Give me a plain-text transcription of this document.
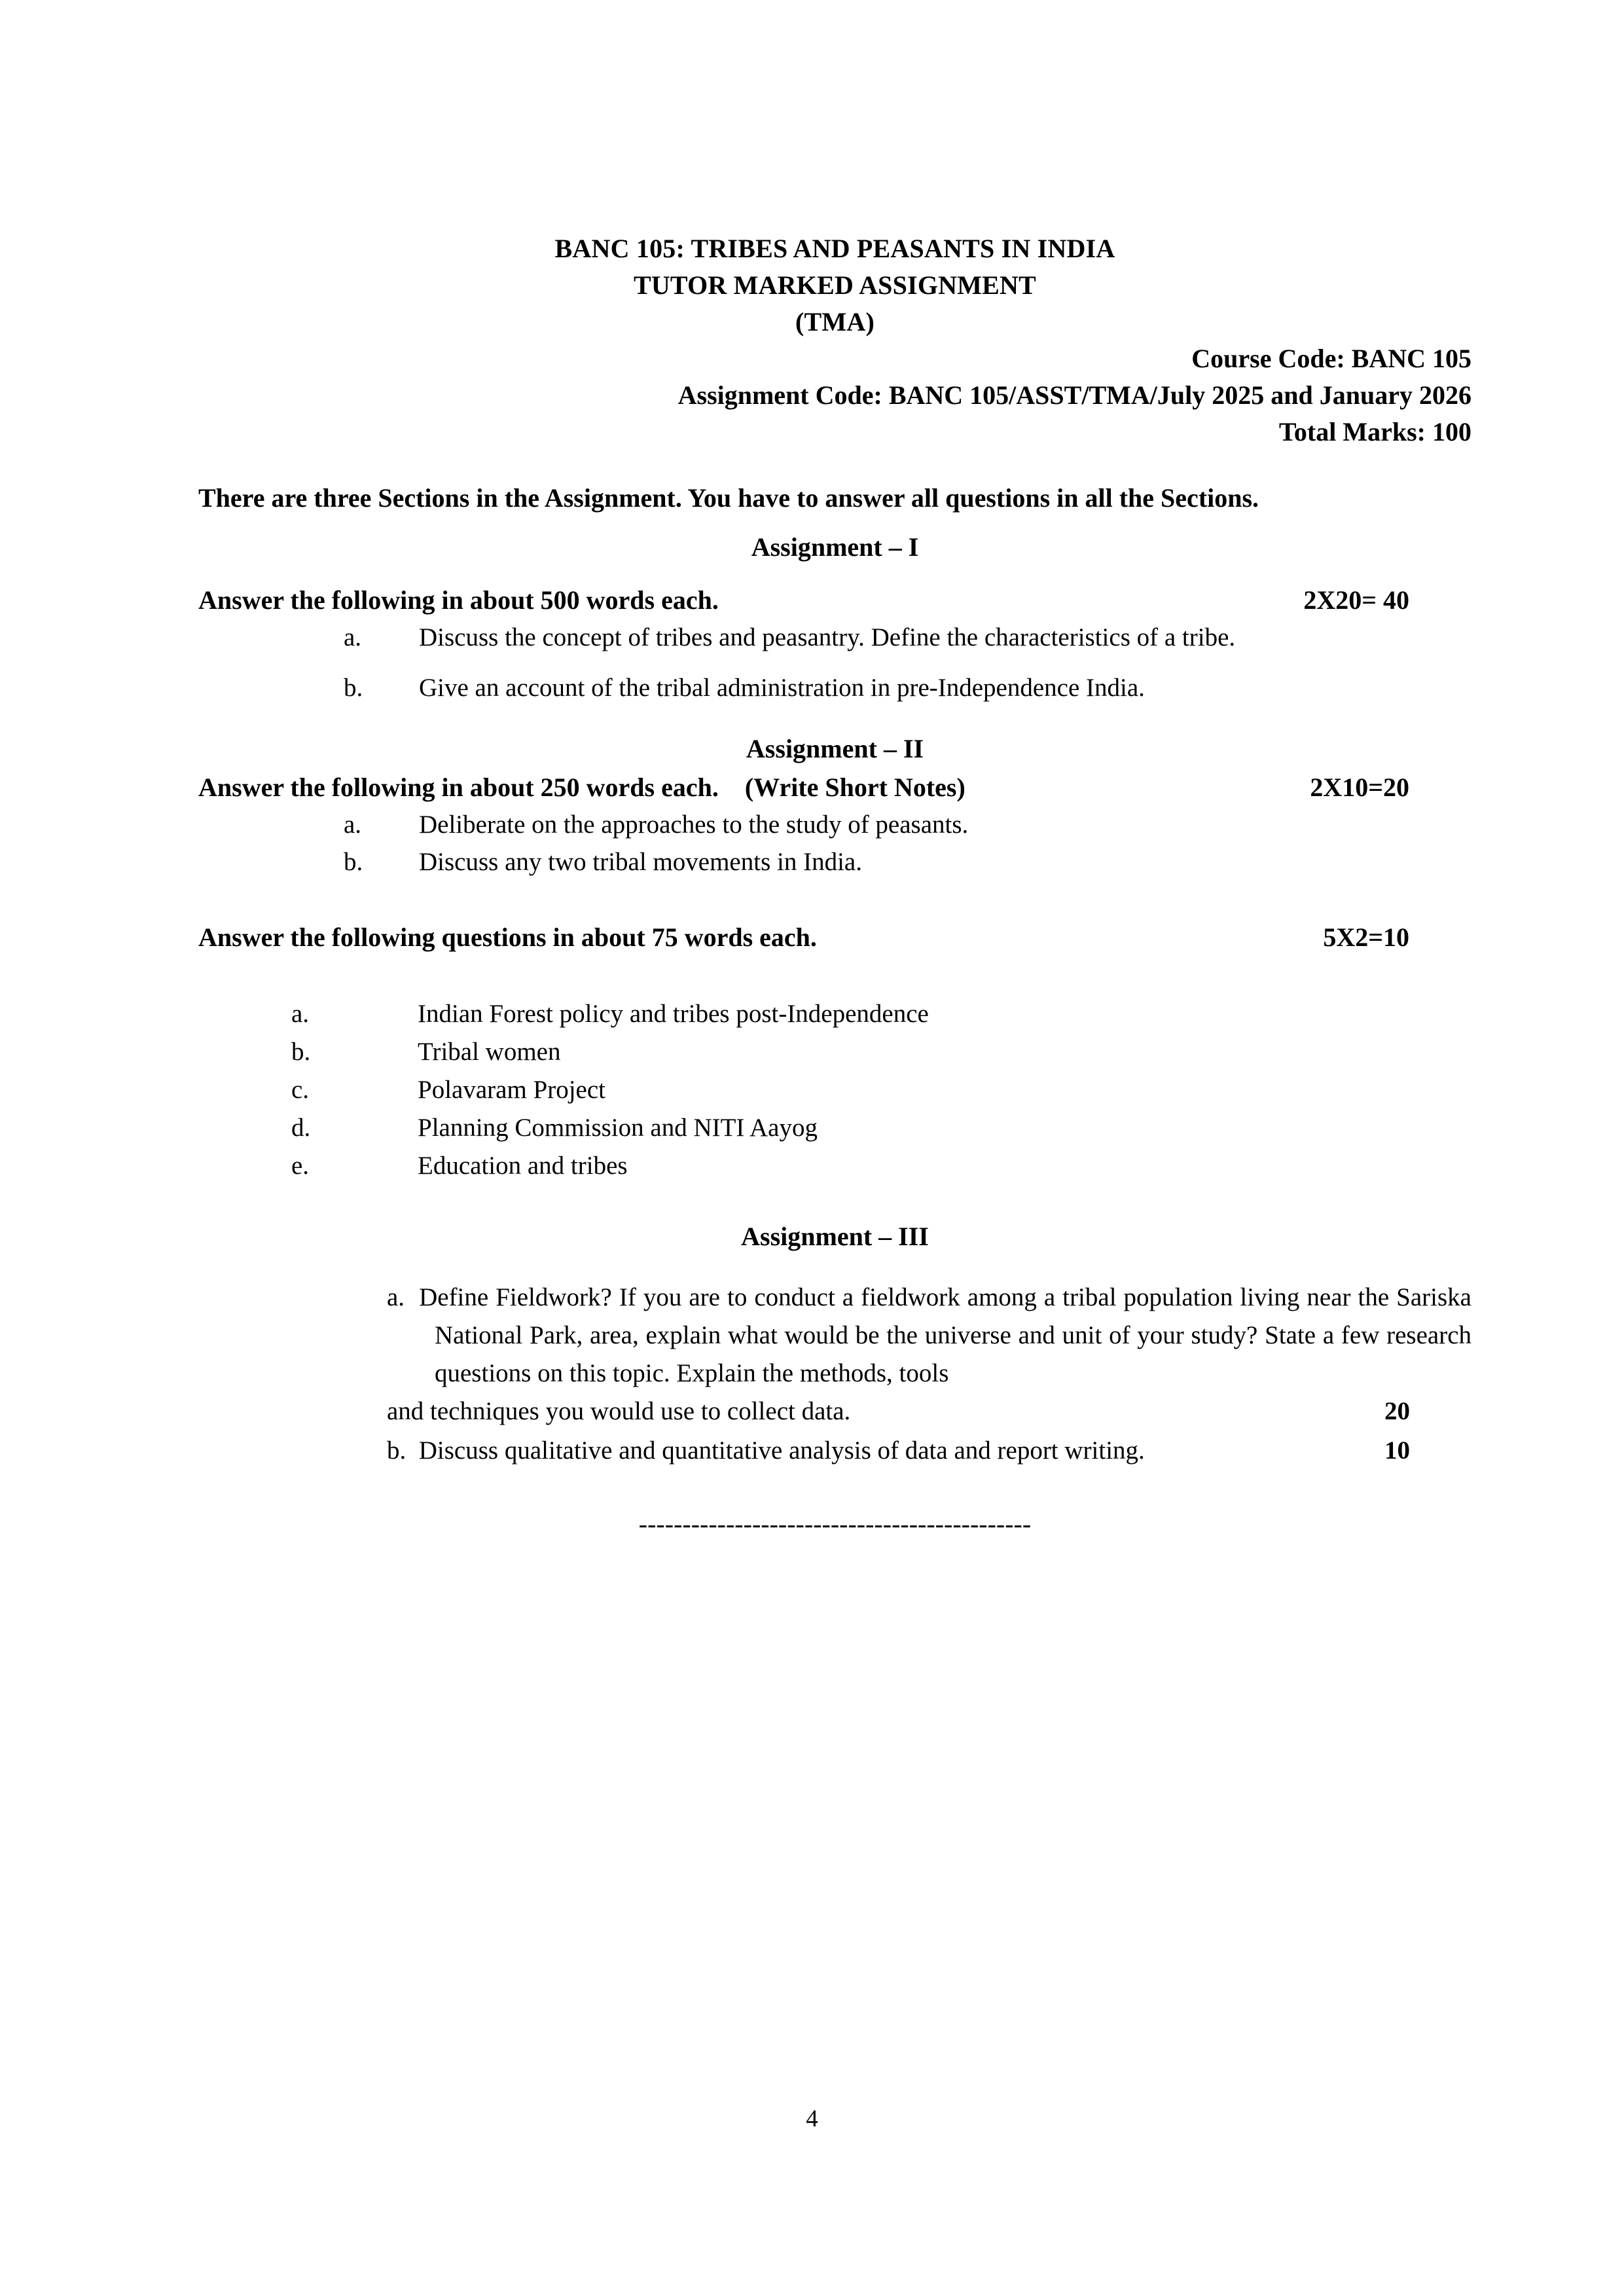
BANC 105: TRIBES AND PEASANTS IN INDIA
TUTOR MARKED ASSIGNMENT
(TMA)
Course Code: BANC 105
Assignment Code: BANC 105/ASST/TMA/July 2025 and January 2026
Total Marks: 100
There are three Sections in the Assignment. You have to answer all questions in all the Sections.
Assignment – I
Answer the following in about 500 words each.	2X20= 40
a.	Discuss the concept of tribes and peasantry. Define the characteristics of a tribe.
b.	Give an account of the tribal administration in pre-Independence India.
Assignment – II
Answer the following in about 250 words each.    (Write Short Notes)	2X10=20
a.	Deliberate on the approaches to the study of peasants.
b.	Discuss any two tribal movements in India.
Answer the following questions in about 75 words each.	5X2=10
a.	Indian Forest policy and tribes post-Independence
b.	Tribal women
c.	Polavaram Project
d.	Planning Commission and NITI Aayog
e.	Education and tribes
Assignment – III
a. Define Fieldwork? If you are to conduct a fieldwork among a tribal population living near the Sariska National Park, area, explain what would be the universe and unit of your study? State a few research questions on this topic. Explain the methods, tools
and techniques you would use to collect data.	20
b. Discuss qualitative and quantitative analysis of data and report writing.	10
---------------------------------------------
4
